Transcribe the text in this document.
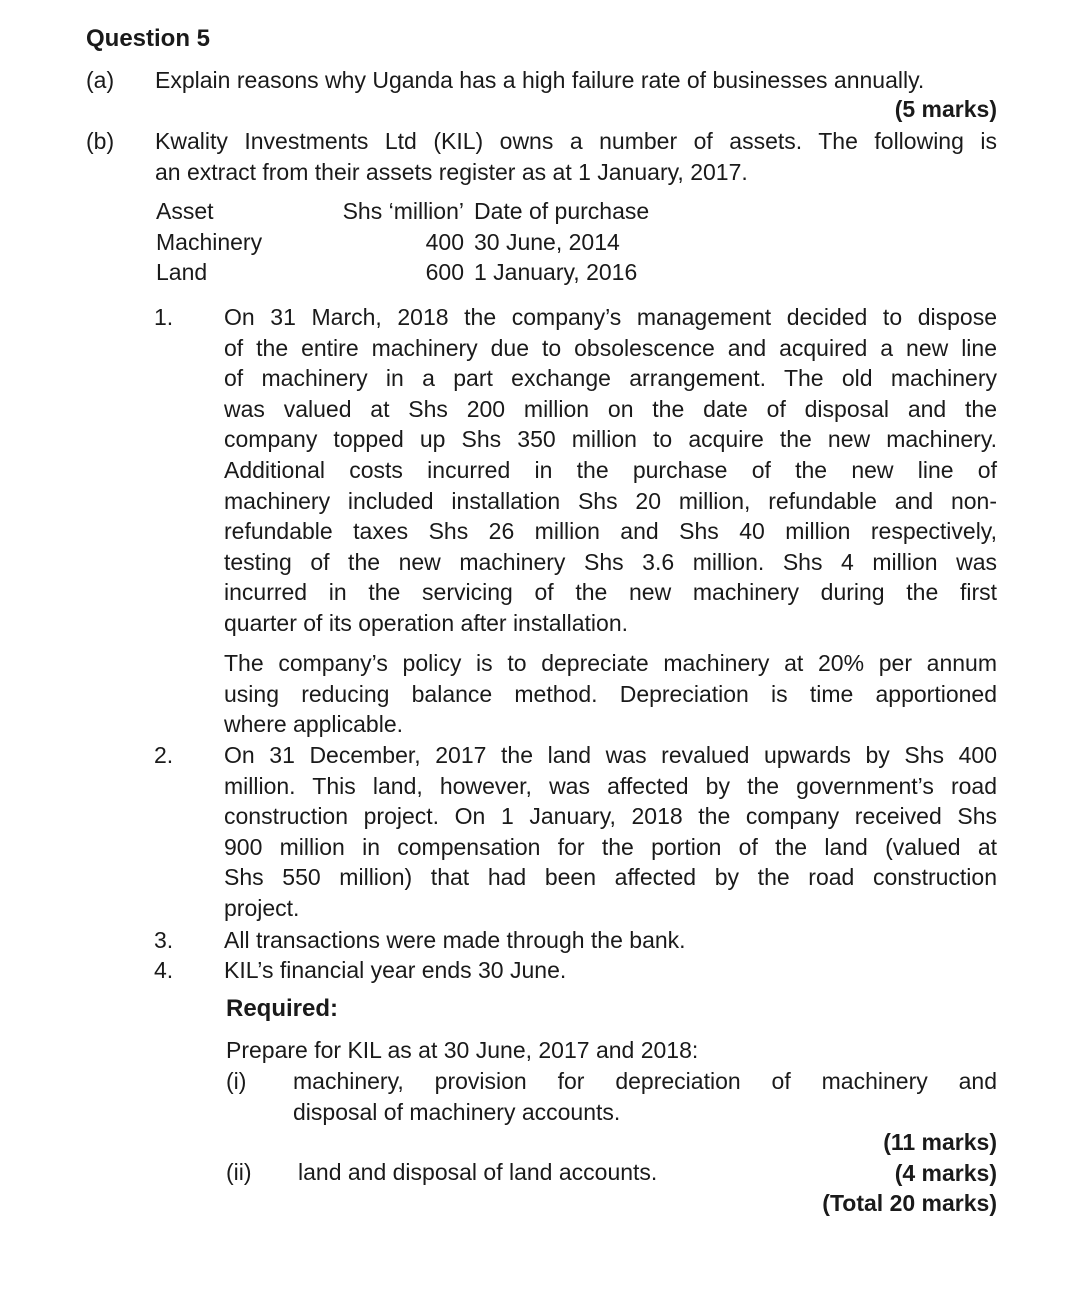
Question 5
(a) Explain reasons why Uganda has a high failure rate of businesses annually.
(5 marks)
(b) Kwality Investments Ltd (KIL) owns a number of assets. The following is
an extract from their assets register as at 1 January, 2017.
Asset	Shs ‘million’	Date of purchase
Machinery	400	30 June, 2014
Land	600	1 January, 2016
1.	On 31 March, 2018 the company’s management decided to dispose
of the entire machinery due to obsolescence and acquired a new line
of machinery in a part exchange arrangement. The old machinery
was valued at Shs 200 million on the date of disposal and the
company topped up Shs 350 million to acquire the new machinery.
Additional costs incurred in the purchase of the new line of
machinery included installation Shs 20 million, refundable and non-
refundable taxes Shs 26 million and Shs 40 million respectively,
testing of the new machinery Shs 3.6 million. Shs 4 million was
incurred in the servicing of the new machinery during the first
quarter of its operation after installation.
The company’s policy is to depreciate machinery at 20% per annum
using reducing balance method. Depreciation is time apportioned
where applicable.
2.	On 31 December, 2017 the land was revalued upwards by Shs 400
million. This land, however, was affected by the government’s road
construction project. On 1 January, 2018 the company received Shs
900 million in compensation for the portion of the land (valued at
Shs 550 million) that had been affected by the road construction
project.
3.	All transactions were made through the bank.
4.	KIL’s financial year ends 30 June.
Required:
Prepare for KIL as at 30 June, 2017 and 2018:
(i) machinery, provision for depreciation of machinery and
disposal of machinery accounts.
(ii) land and disposal of land accounts.
(11 marks)
(4 marks)
(Total 20 marks)
